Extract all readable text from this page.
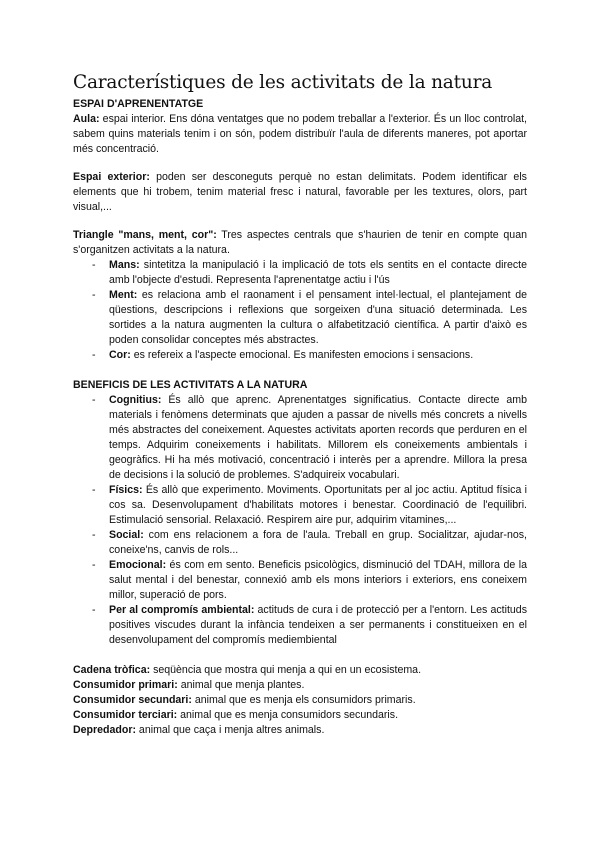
Característiques de les activitats de la natura

ESPAI D'APRENENTATGE

Aula: espai interior. Ens dóna ventatges que no podem treballar a l'exterior. És un lloc controlat, sabem quins materials tenim i on són, podem distribuïr l'aula de diferents maneres, pot aportar més concentració.

Espai exterior: poden ser desconeguts perquè no estan delimitats. Podem identificar els elements que hi trobem, tenim material fresc i natural, favorable per les textures, olors, part visual,...

Triangle "mans, ment, cor": Tres aspectes centrals que s'haurien de tenir en compte quan s'organitzen activitats a la natura.

- Mans: sintetitza la manipulació i la implicació de tots els sentits en el contacte directe amb l'objecte d'estudi. Representa l'aprenentatge actiu i l'ús
- Ment: es relaciona amb el raonament i el pensament intel·lectual, el plantejament de qüestions, descripcions i reflexions que sorgeixen d'una situació determinada. Les sortides a la natura augmenten la cultura o alfabetització científica. A partir d'això es poden consolidar conceptes més abstractes.
- Cor: es refereix a l'aspecte emocional. Es manifesten emocions i sensacions.

BENEFICIS DE LES ACTIVITATS A LA NATURA

- Cognitius: És allò que aprenc. Aprenentatges significatius. Contacte directe amb materials i fenòmens determinats que ajuden a passar de nivells més concrets a nivells més abstractes del coneixement. Aquestes activitats aporten records que perduren en el temps. Adquirim coneixements i habilitats. Millorem els coneixements ambientals i geogràfics. Hi ha més motivació, concentració i interès per a aprendre. Millora la presa de decisions i la solució de problemes. S'adquireix vocabulari.
- Físics: És allò que experimento. Moviments. Oportunitats per al joc actiu. Aptitud física i cos sa. Desenvolupament d'habilitats motores i benestar. Coordinació de l'equilibri. Estimulació sensorial. Relaxació. Respirem aire pur, adquirim vitamines,...
- Social: com ens relacionem a fora de l'aula. Treball en grup. Socialitzar, ajudar-nos, coneixe'ns, canvis de rols...
- Emocional: és com em sento. Beneficis psicològics, disminució del TDAH, millora de la salut mental i del benestar, connexió amb els mons interiors i exteriors, ens coneixem millor, superació de pors.
- Per al compromís ambiental: actituds de cura i de protecció per a l'entorn. Les actituds positives viscudes durant la infància tendeixen a ser permanents i constitueixen en el desenvolupament del compromís mediembiental

Cadena tròfica: seqüència que mostra qui menja a qui en un ecosistema.

Consumidor primari: animal que menja plantes.

Consumidor secundari: animal que es menja els consumidors primaris.

Consumidor terciari: animal que es menja consumidors secundaris.

Depredador: animal que caça i menja altres animals.
